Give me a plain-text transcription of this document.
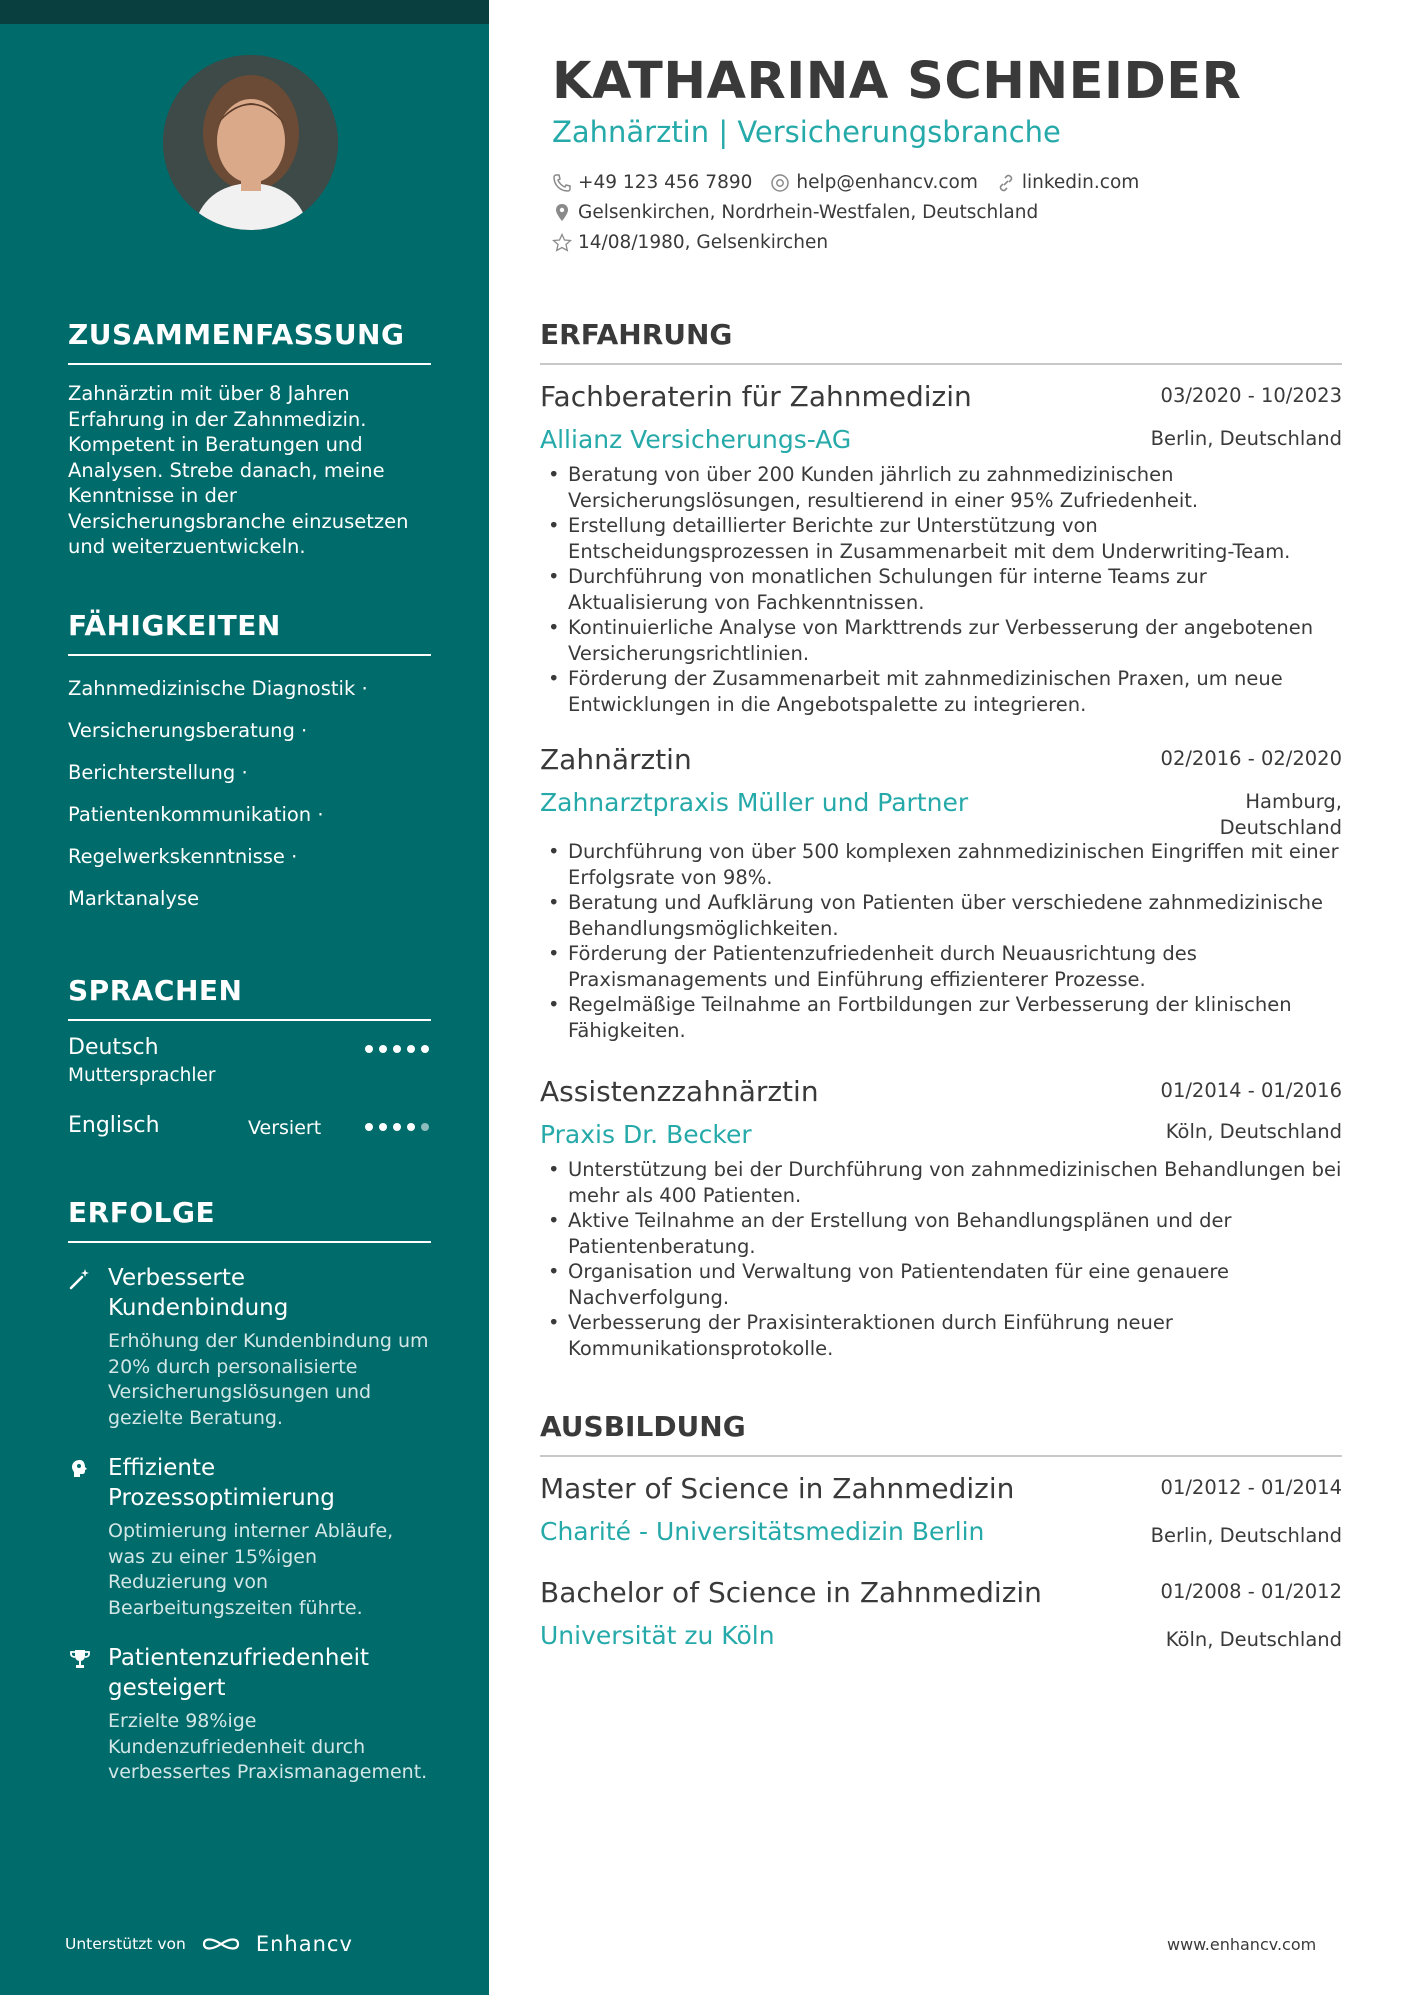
ZUSAMMENFASSUNG

Zahnärztin mit über 8 Jahren Erfahrung in der Zahnmedizin. Kompetent in Beratungen und Analysen. Strebe danach, meine Kenntnisse in der Versicherungsbranche einzusetzen und weiterzuentwickeln.

FÄHIGKEITEN
Zahnmedizinische Diagnostik ·
Versicherungsberatung ·
Berichterstellung ·
Patientenkommunikation ·
Regelwerkskenntnisse ·
Marktanalyse
SPRACHEN
Deutsch
Muttersprachler
Englisch	Versiert
ERFOLGE
Verbesserte Kundenbindung
Erhöhung der Kundenbindung um 20% durch personalisierte Versicherungslösungen und gezielte Beratung.
Effiziente Prozessoptimierung
Optimierung interner Abläufe, was zu einer 15%igen Reduzierung von Bearbeitungszeiten führte.
Patientenzufriedenheit gesteigert
Erzielte 98%ige Kundenzufriedenheit durch verbessertes Praxismanagement.
Unterstützt von	Enhancv
KATHARINA SCHNEIDER
Zahnärztin | Versicherungsbranche
+49 123 456 7890 help@enhancv.com linkedin.com
Gelsenkirchen, Nordrhein-Westfalen, Deutschland
14/08/1980, Gelsenkirchen
ERFAHRUNG
Fachberaterin für Zahnmedizin	03/2020 - 10/2023
Allianz Versicherungs-AG	Berlin, Deutschland
• Beratung von über 200 Kunden jährlich zu zahnmedizinischen Versicherungslösungen, resultierend in einer 95% Zufriedenheit.
• Erstellung detaillierter Berichte zur Unterstützung von Entscheidungsprozessen in Zusammenarbeit mit dem Underwriting-Team.
• Durchführung von monatlichen Schulungen für interne Teams zur Aktualisierung von Fachkenntnissen.
• Kontinuierliche Analyse von Markttrends zur Verbesserung der angebotenen Versicherungsrichtlinien.
• Förderung der Zusammenarbeit mit zahnmedizinischen Praxen, um neue Entwicklungen in die Angebotspalette zu integrieren.
Zahnärztin	02/2016 - 02/2020
Zahnarztpraxis Müller und Partner	Hamburg,
Deutschland
• Durchführung von über 500 komplexen zahnmedizinischen Eingriffen mit einer Erfolgsrate von 98%.
• Beratung und Aufklärung von Patienten über verschiedene zahnmedizinische Behandlungsmöglichkeiten.
• Förderung der Patientenzufriedenheit durch Neuausrichtung des Praxismanagements und Einführung effizienterer Prozesse.
• Regelmäßige Teilnahme an Fortbildungen zur Verbesserung der klinischen Fähigkeiten.
Assistenzzahnärztin	01/2014 - 01/2016
Praxis Dr. Becker	Köln, Deutschland
• Unterstützung bei der Durchführung von zahnmedizinischen Behandlungen bei mehr als 400 Patienten.
• Aktive Teilnahme an der Erstellung von Behandlungsplänen und der Patientenberatung.
• Organisation und Verwaltung von Patientendaten für eine genauere Nachverfolgung.
• Verbesserung der Praxisinteraktionen durch Einführung neuer Kommunikationsprotokolle.
AUSBILDUNG
Master of Science in Zahnmedizin	01/2012 - 01/2014
Charité - Universitätsmedizin Berlin	Berlin, Deutschland
Bachelor of Science in Zahnmedizin	01/2008 - 01/2012
Universität zu Köln	Köln, Deutschland
www.enhancv.com
